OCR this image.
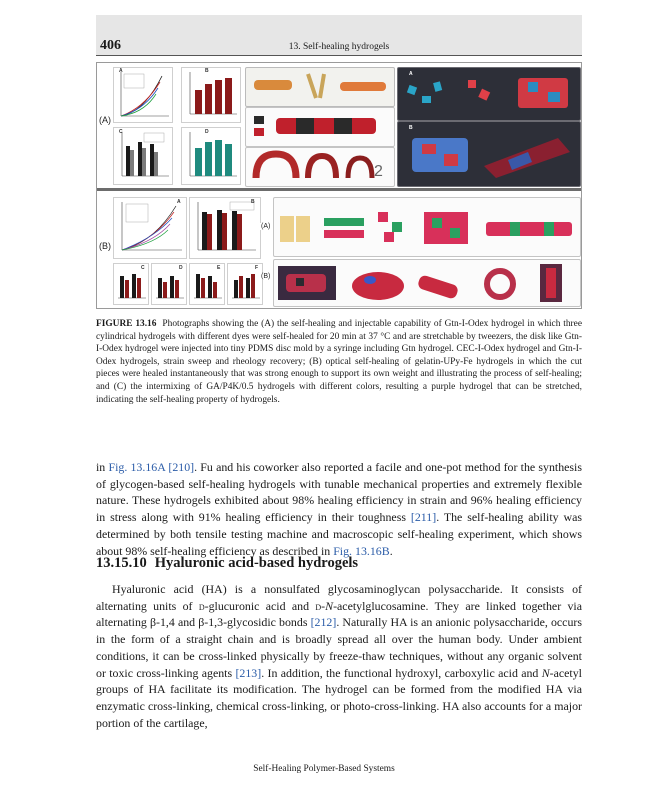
406	13. Self-healing hydrogels
A	B
C	D
2
A
B
(A)
A	B
C	D	E	F
(A)
(B)
(B)
FIGURE 13.16 Photographs showing the (A) the self-healing and injectable capability of Gtn-I-Odex hydrogel in which three cylindrical hydrogels with different dyes were self-healed for 20 min at 37 °C and are stretchable by tweezers, the disk like Gtn-I-Odex hydrogel were injected into tiny PDMS disc mold by a syringe including Gtn hydrogel. CEC-I-Odex hydrogel and Gtn-I-Odex hydrogels, strain sweep and rheology recovery; (B) optical self-healing of gelatin-UPy-Fe hydrogels in which the cut pieces were healed instantaneously that was strong enough to support its own weight and illustrating the process of self-healing; and (C) the intermixing of GA/P4K/0.5 hydrogels with different colors, resulting a purple hydrogel that can be stretched, indicating the self-healing property of hydrogels.
in Fig. 13.16A [210]. Fu and his coworker also reported a facile and one-pot method for the synthesis of glycogen-based self-healing hydrogels with tunable mechanical properties and extremely flexible nature. These hydrogels exhibited about 98% healing efficiency in strain and 96% healing efficiency in stress along with 91% healing efficiency in their toughness [211]. The self-healing ability was determined by both tensile testing machine and macroscopic self-healing experiment, which shows about 98% self-healing efficiency as described in Fig. 13.16B.
13.15.10 Hyaluronic acid-based hydrogels
Hyaluronic acid (HA) is a nonsulfated glycosaminoglycan polysaccharide. It consists of alternating units of d-glucuronic acid and d-N-acetylglucosamine. They are linked together via alternating β-1,4 and β-1,3-glycosidic bonds [212]. Naturally HA is an anionic polysaccharide, occurs in the form of a straight chain and is broadly spread all over the human body. Under ambient conditions, it can be cross-linked physically by freeze-thaw techniques, without any organic solvent or toxic cross-linking agents [213]. In addition, the functional hydroxyl, carboxylic acid and N-acetyl groups of HA facilitate its modification. The hydrogel can be formed from the modified HA via enzymatic cross-linking, chemical cross-linking, or photo-cross-linking. HA also accounts for a major portion of the cartilage,
Self-Healing Polymer-Based Systems
